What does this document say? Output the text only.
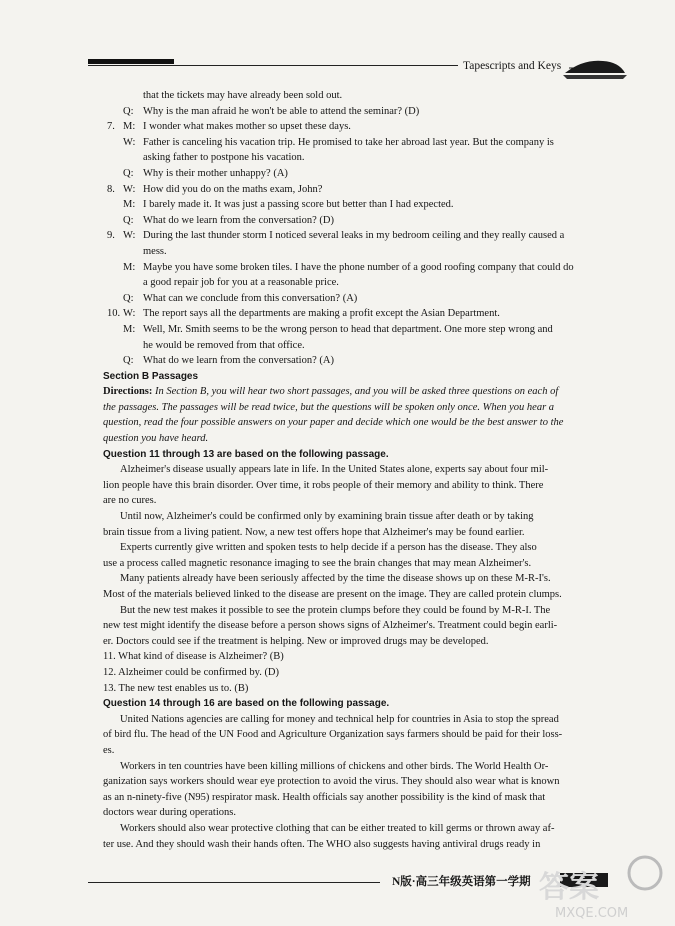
Tapescripts and Keys
that the tickets may have already been sold out.
Q: Why is the man afraid he won't be able to attend the seminar? (D)
7. M: I wonder what makes mother so upset these days.
W: Father is canceling his vacation trip. He promised to take her abroad last year. But the company is
asking father to postpone his vacation.
Q: Why is their mother unhappy? (A)
8. W: How did you do on the maths exam, John?
M: I barely made it. It was just a passing score but better than I had expected.
Q: What do we learn from the conversation? (D)
9. W: During the last thunder storm I noticed several leaks in my bedroom ceiling and they really caused a
mess.
M: Maybe you have some broken tiles. I have the phone number of a good roofing company that could do
a good repair job for you at a reasonable price.
Q: What can we conclude from this conversation? (A)
10. W: The report says all the departments are making a profit except the Asian Department.
M: Well, Mr. Smith seems to be the wrong person to head that department. One more step wrong and
he would be removed from that office.
Q: What do we learn from the conversation? (A)
Section B Passages
Directions: In Section B, you will hear two short passages, and you will be asked three questions on each of
the passages. The passages will be read twice, but the questions will be spoken only once. When you hear a
question, read the four possible answers on your paper and decide which one would be the best answer to the
question you have heard.
Question 11 through 13 are based on the following passage.
Alzheimer's disease usually appears late in life. In the United States alone, experts say about four mil-
lion people have this brain disorder. Over time, it robs people of their memory and ability to think. There
are no cures.
Until now, Alzheimer's could be confirmed only by examining brain tissue after death or by taking
brain tissue from a living patient. Now, a new test offers hope that Alzheimer's may be found earlier.
Experts currently give written and spoken tests to help decide if a person has the disease. They also
use a process called magnetic resonance imaging to see the brain changes that may mean Alzheimer's.
Many patients already have been seriously affected by the time the disease shows up on these M-R-I's.
Most of the materials believed linked to the disease are present on the image. They are called protein clumps.
But the new test makes it possible to see the protein clumps before they could be found by M-R-I. The
new test might identify the disease before a person shows signs of Alzheimer's. Treatment could begin earli-
er. Doctors could see if the treatment is helping. New or improved drugs may be developed.
11. What kind of disease is Alzheimer? (B)
12. Alzheimer could be confirmed by. (D)
13. The new test enables us to. (B)
Question 14 through 16 are based on the following passage.
United Nations agencies are calling for money and technical help for countries in Asia to stop the spread
of bird flu. The head of the UN Food and Agriculture Organization says farmers should be paid for their loss-
es.
Workers in ten countries have been killing millions of chickens and other birds. The World Health Or-
ganization says workers should wear eye protection to avoid the virus. They should also wear what is known
as an n-ninety-five (N95) respirator mask. Health officials say another possibility is the kind of mask that
doctors wear during operations.
Workers should also wear protective clothing that can be either treated to kill germs or thrown away af-
ter use. And they should wash their hands often. The WHO also suggests having antiviral drugs ready in
N版·高三年级英语第一学期 答案
MXQE.COM
